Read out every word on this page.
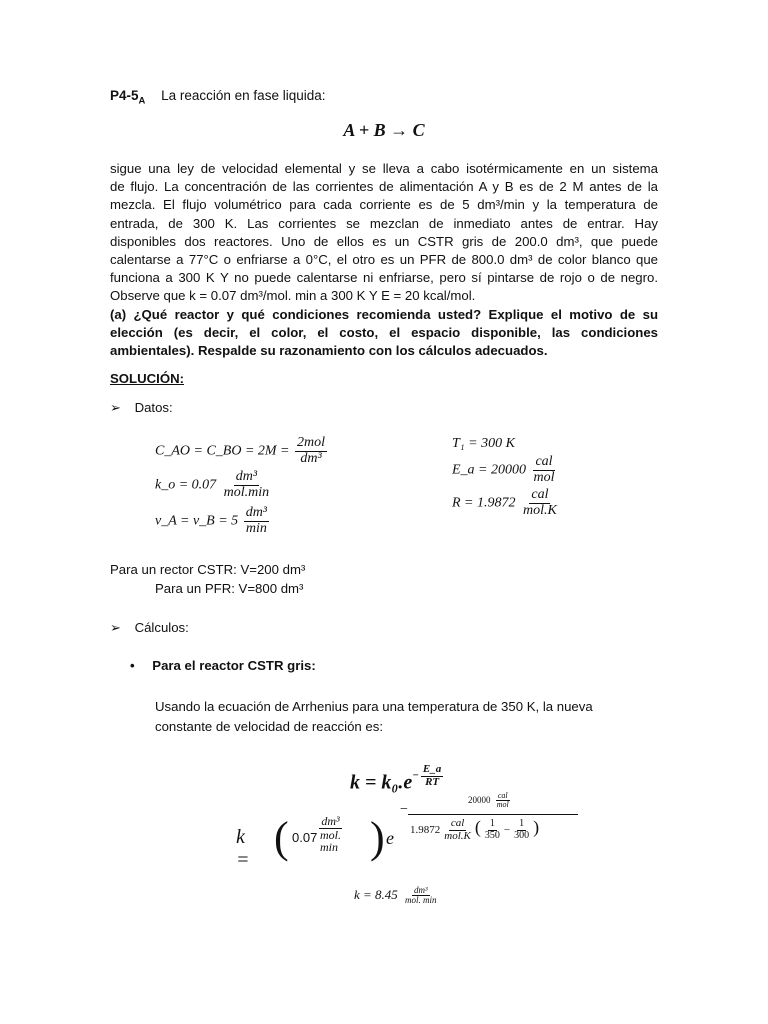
$P4-5_A$ La reacción en fase liquida:
A + B → C
sigue una ley de velocidad elemental y se lleva a cabo isotérmicamente en un sistema
de flujo. La concentración de las corrientes de alimentación A y B es de 2 M antes de la
mezcla. El flujo volumétrico para cada corriente es de 5 dm³/min y la temperatura de
entrada, de 300 K. Las corrientes se mezclan de inmediato antes de entrar. Hay
disponibles dos reactores. Uno de ellos es un CSTR gris de 200.0 dm³, que puede
calentarse a 77°C o enfriarse a 0°C, el otro es un PFR de 800.0 dm³ de color blanco que
funciona a 300 K Y no puede calentarse ni enfriarse, pero sí pintarse de rojo o de negro.
Observe que k = 0.07 dm³/mol. min a 300 K Y E = 20 kcal/mol.
(a) ¿Qué reactor y qué condiciones recomienda usted? Explique el motivo de su
elección (es decir, el color, el costo, el espacio disponible, las condiciones
ambientales). Respalde su razonamiento con los cálculos adecuados.
SOLUCIÓN:
➢ Datos:
C_AO = C_BO = $2M = \frac{\text{2mol}}{\text{dm³}}$
k_o = $0.07 \frac{\text{dm³}}{\text{mol.min}}$
ν_A = ν_B = $5 \frac{\text{dm³}}{\min}$
T₁ = 300 K
E_a = $20000 \frac{\text{cal}}{\text{mol}}$
$R = 1.9872 \frac{\text{cal}}{\text{mol.K}}$
Para un rector CSTR: V=200 dm³
Para un PFR: V=800 dm³
➢ Cálculos:
• Para el reactor CSTR gris:
Usando la ecuación de Arrhenius para una temperatura de 350 K, la nueva
constante de velocidad de reacción es:
$k = k_0.e- \frac{E\_a}{RT}$
k = ( 0.07
dm³
mol. min ) e
−
$20000 \frac{\text{cal}}{\text{mol}}$
$1.9872 \frac{\text{cal}}{\text{mol.K}}$ ( $\frac{1}{350} - \frac{1}{300}$ )
$k = 8.45 \frac{\text{dm³}}{\text{mol. min}}$
